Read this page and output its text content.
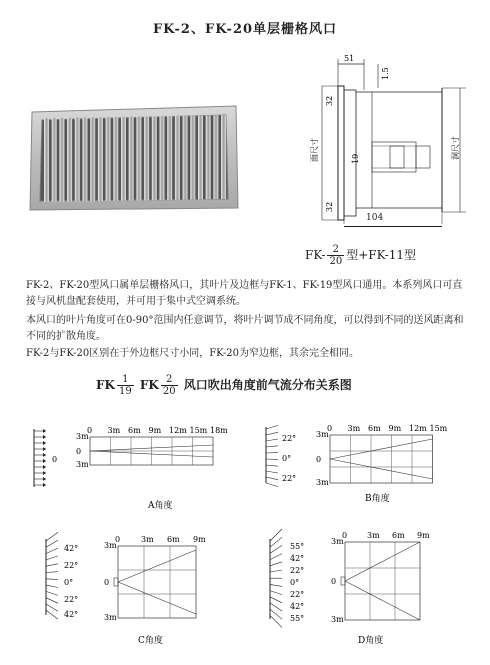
FK-2、FK-20单层栅格风口
51
1.5
19
32
32
面尺寸	洞尺寸
104
$FK- \frac{2}{20}$ 型+FK-11型
FK-2、FK-20型风口属单层栅格风口，其叶片及边框与FK-1、FK-19型风口通用。本系列风口可直接与风机盘配套使用，并可用于集中式空调系统。
本风口的叶片角度可在0-90°范围内任意调节，将叶片调节成不同角度，可以得到不同的送风距离和不同的扩散角度。
FK-2与FK-20区别在于外边框尺寸小同，FK-20为窄边框，其余完全相同。
FK $\frac{1}{19}$ FK $\frac{2}{20}$ 风口吹出角度前气流分布关系图
0 3m 6m 9m 12m 15m 18m
3m
0
3m
0
A角度
0 3m 6m 9m 12m 15m
3m
0
3m
22°
0°
22°
B角度
0	3m 6m 9m
3m
0
3m
42°
22°
0°
22°
42°
C角度
0 3m 6m 9m
3m
0
3m
55°
42°
22°
0°
22°
42°
55°
D角度
